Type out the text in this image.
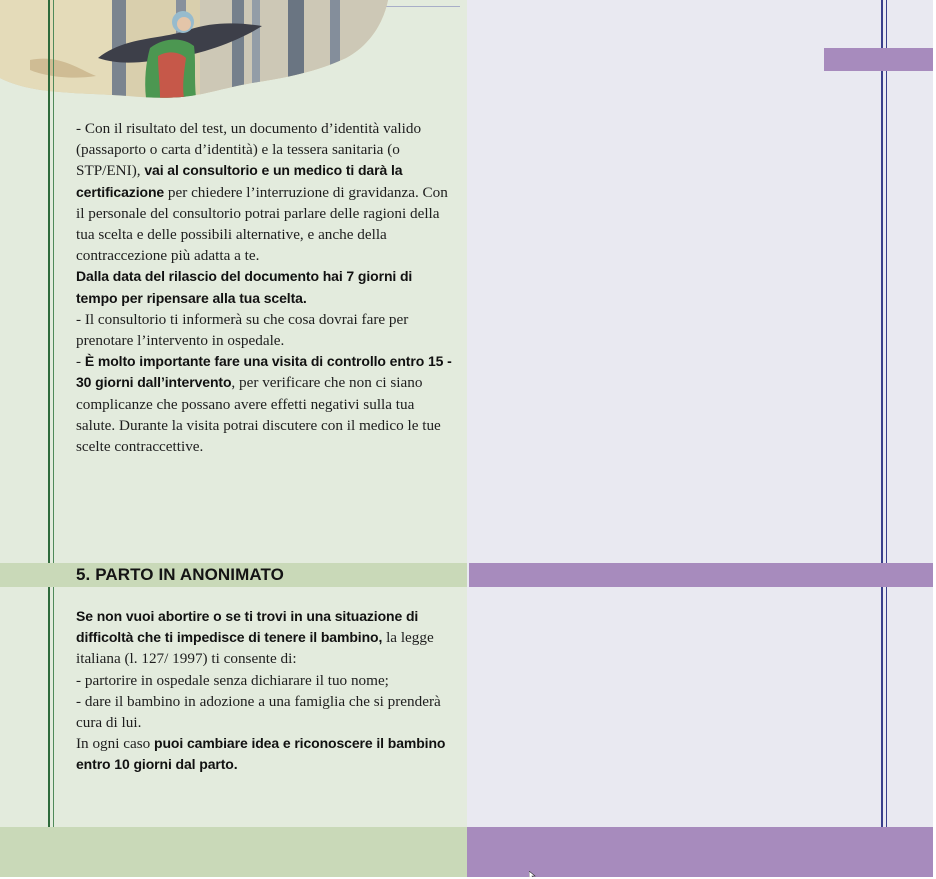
- Con il risultato del test, un documento d’identità valido (passaporto o carta d’identità) e la tessera sanitaria (o STP/ENI), vai al consultorio e un medico ti darà la certificazione per chiedere l’interruzione di gravidanza. Con il personale del consultorio potrai parlare delle ragioni della tua scelta e delle possibili alternative, e anche della contraccezione più adatta a te.

Dalla data del rilascio del documento hai 7 giorni di tempo per ripensare alla tua scelta.

- Il consultorio ti informerà su che cosa dovrai fare per prenotare l’intervento in ospedale.

- È molto importante fare una visita di controllo entro 15 - 30 giorni dall’intervento, per verificare che non ci siano complicanze che possano avere effetti negativi sulla tua salute. Durante la visita potrai discutere con il medico le tue scelte contraccettive.

5. PARTO IN ANONIMATO

Se non vuoi abortire o se ti trovi in una situazione di difficoltà che ti impedisce di tenere il bambino, la legge italiana (l. 127/ 1997) ti consente di:

- partorire in ospedale senza dichiarare il tuo nome;

- dare il bambino in adozione a una famiglia che si prenderà cura di lui.

In ogni caso puoi cambiare idea e riconoscere il bambino entro 10 giorni dal parto.
